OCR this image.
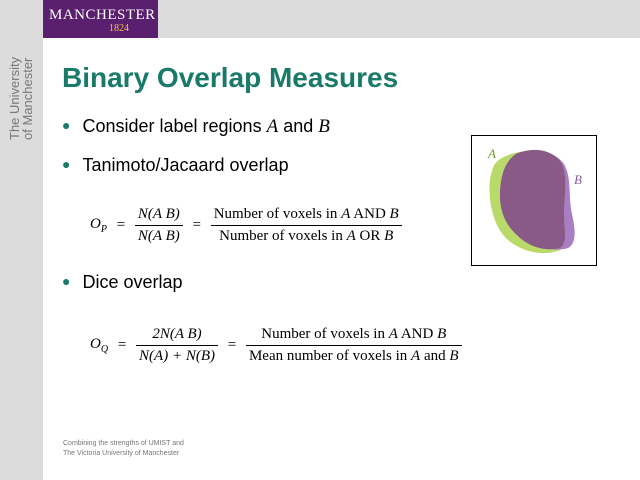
The University
of Manchester
MANCHESTER
1824
Binary Overlap Measures
● Consider label regions A and B
● Tanimoto/Jacaard overlap
$O_P = \frac{\text{N(A B)}}{\text{N(A B)}} = \frac{\text{Number of voxels in A AND B}}{\text{Number of voxels in A OR B}}$
● Dice overlap
$O_Q = \frac{\text{2N(A B)}}{N(A) + N(B)} = \frac{\text{Number of voxels in A AND B}}{\text{Mean number of voxels in A and B}}$
A
B
Combining the strengths of UMIST and
The Victoria University of Manchester
